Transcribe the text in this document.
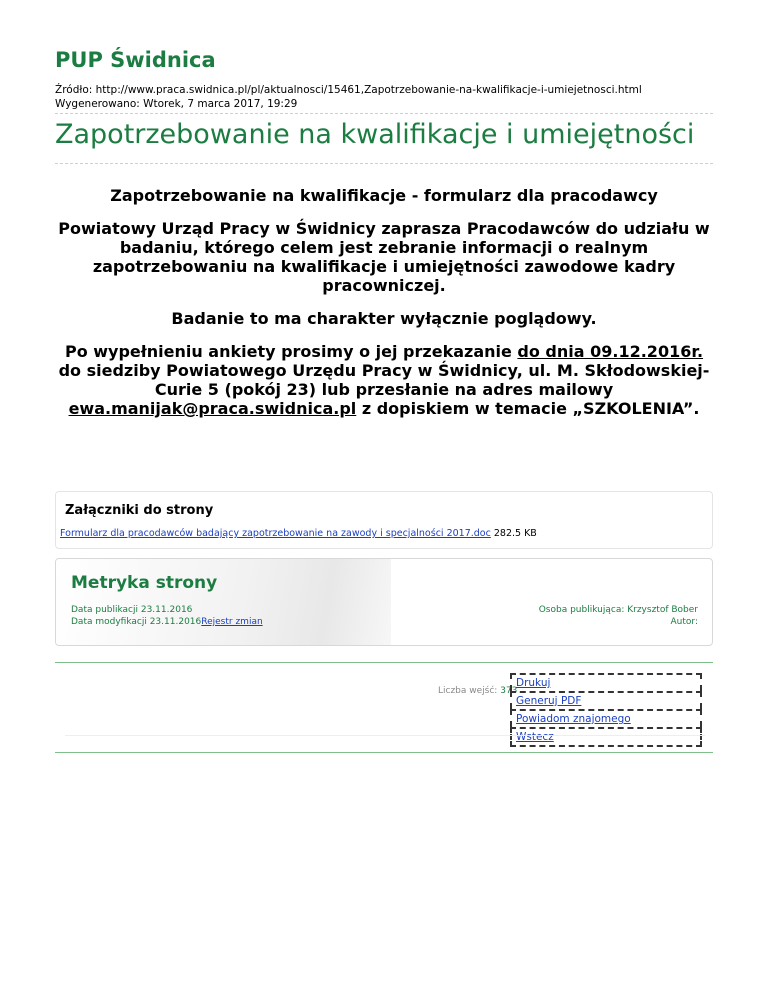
PUP Świdnica
Źródło: http://www.praca.swidnica.pl/pl/aktualnosci/15461,Zapotrzebowanie-na-kwalifikacje-i-umiejetnosci.html
Wygenerowano: Wtorek, 7 marca 2017, 19:29
Zapotrzebowanie na kwalifikacje i umiejętności

Zapotrzebowanie na kwalifikacje - formularz dla pracodawcy

Powiatowy Urząd Pracy w Świdnicy zaprasza Pracodawców do udziału w badaniu, którego celem jest zebranie informacji o realnym zapotrzebowaniu na kwalifikacje i umiejętności zawodowe kadry pracowniczej.

Badanie to ma charakter wyłącznie poglądowy.

Po wypełnieniu ankiety prosimy o jej przekazanie do dnia 09.12.2016r. do siedziby Powiatowego Urzędu Pracy w Świdnicy, ul. M. Skłodowskiej-Curie 5 (pokój 23) lub przesłanie na adres mailowy ewa.manijak@praca.swidnica.pl z dopiskiem w temacie „SZKOLENIA”.

Załączniki do strony
Formularz dla pracodawców badający zapotrzebowanie na zawody i specjalności 2017.doc 282.5 KB
Metryka strony
Data publikacji 23.11.2016
Data modyfikacji 23.11.2016Rejestr zmian
Osoba publikująca: Krzysztof Bober
Autor:
Liczba wejść: 373
Drukuj
Generuj PDF
Powiadom znajomego
Wstecz
